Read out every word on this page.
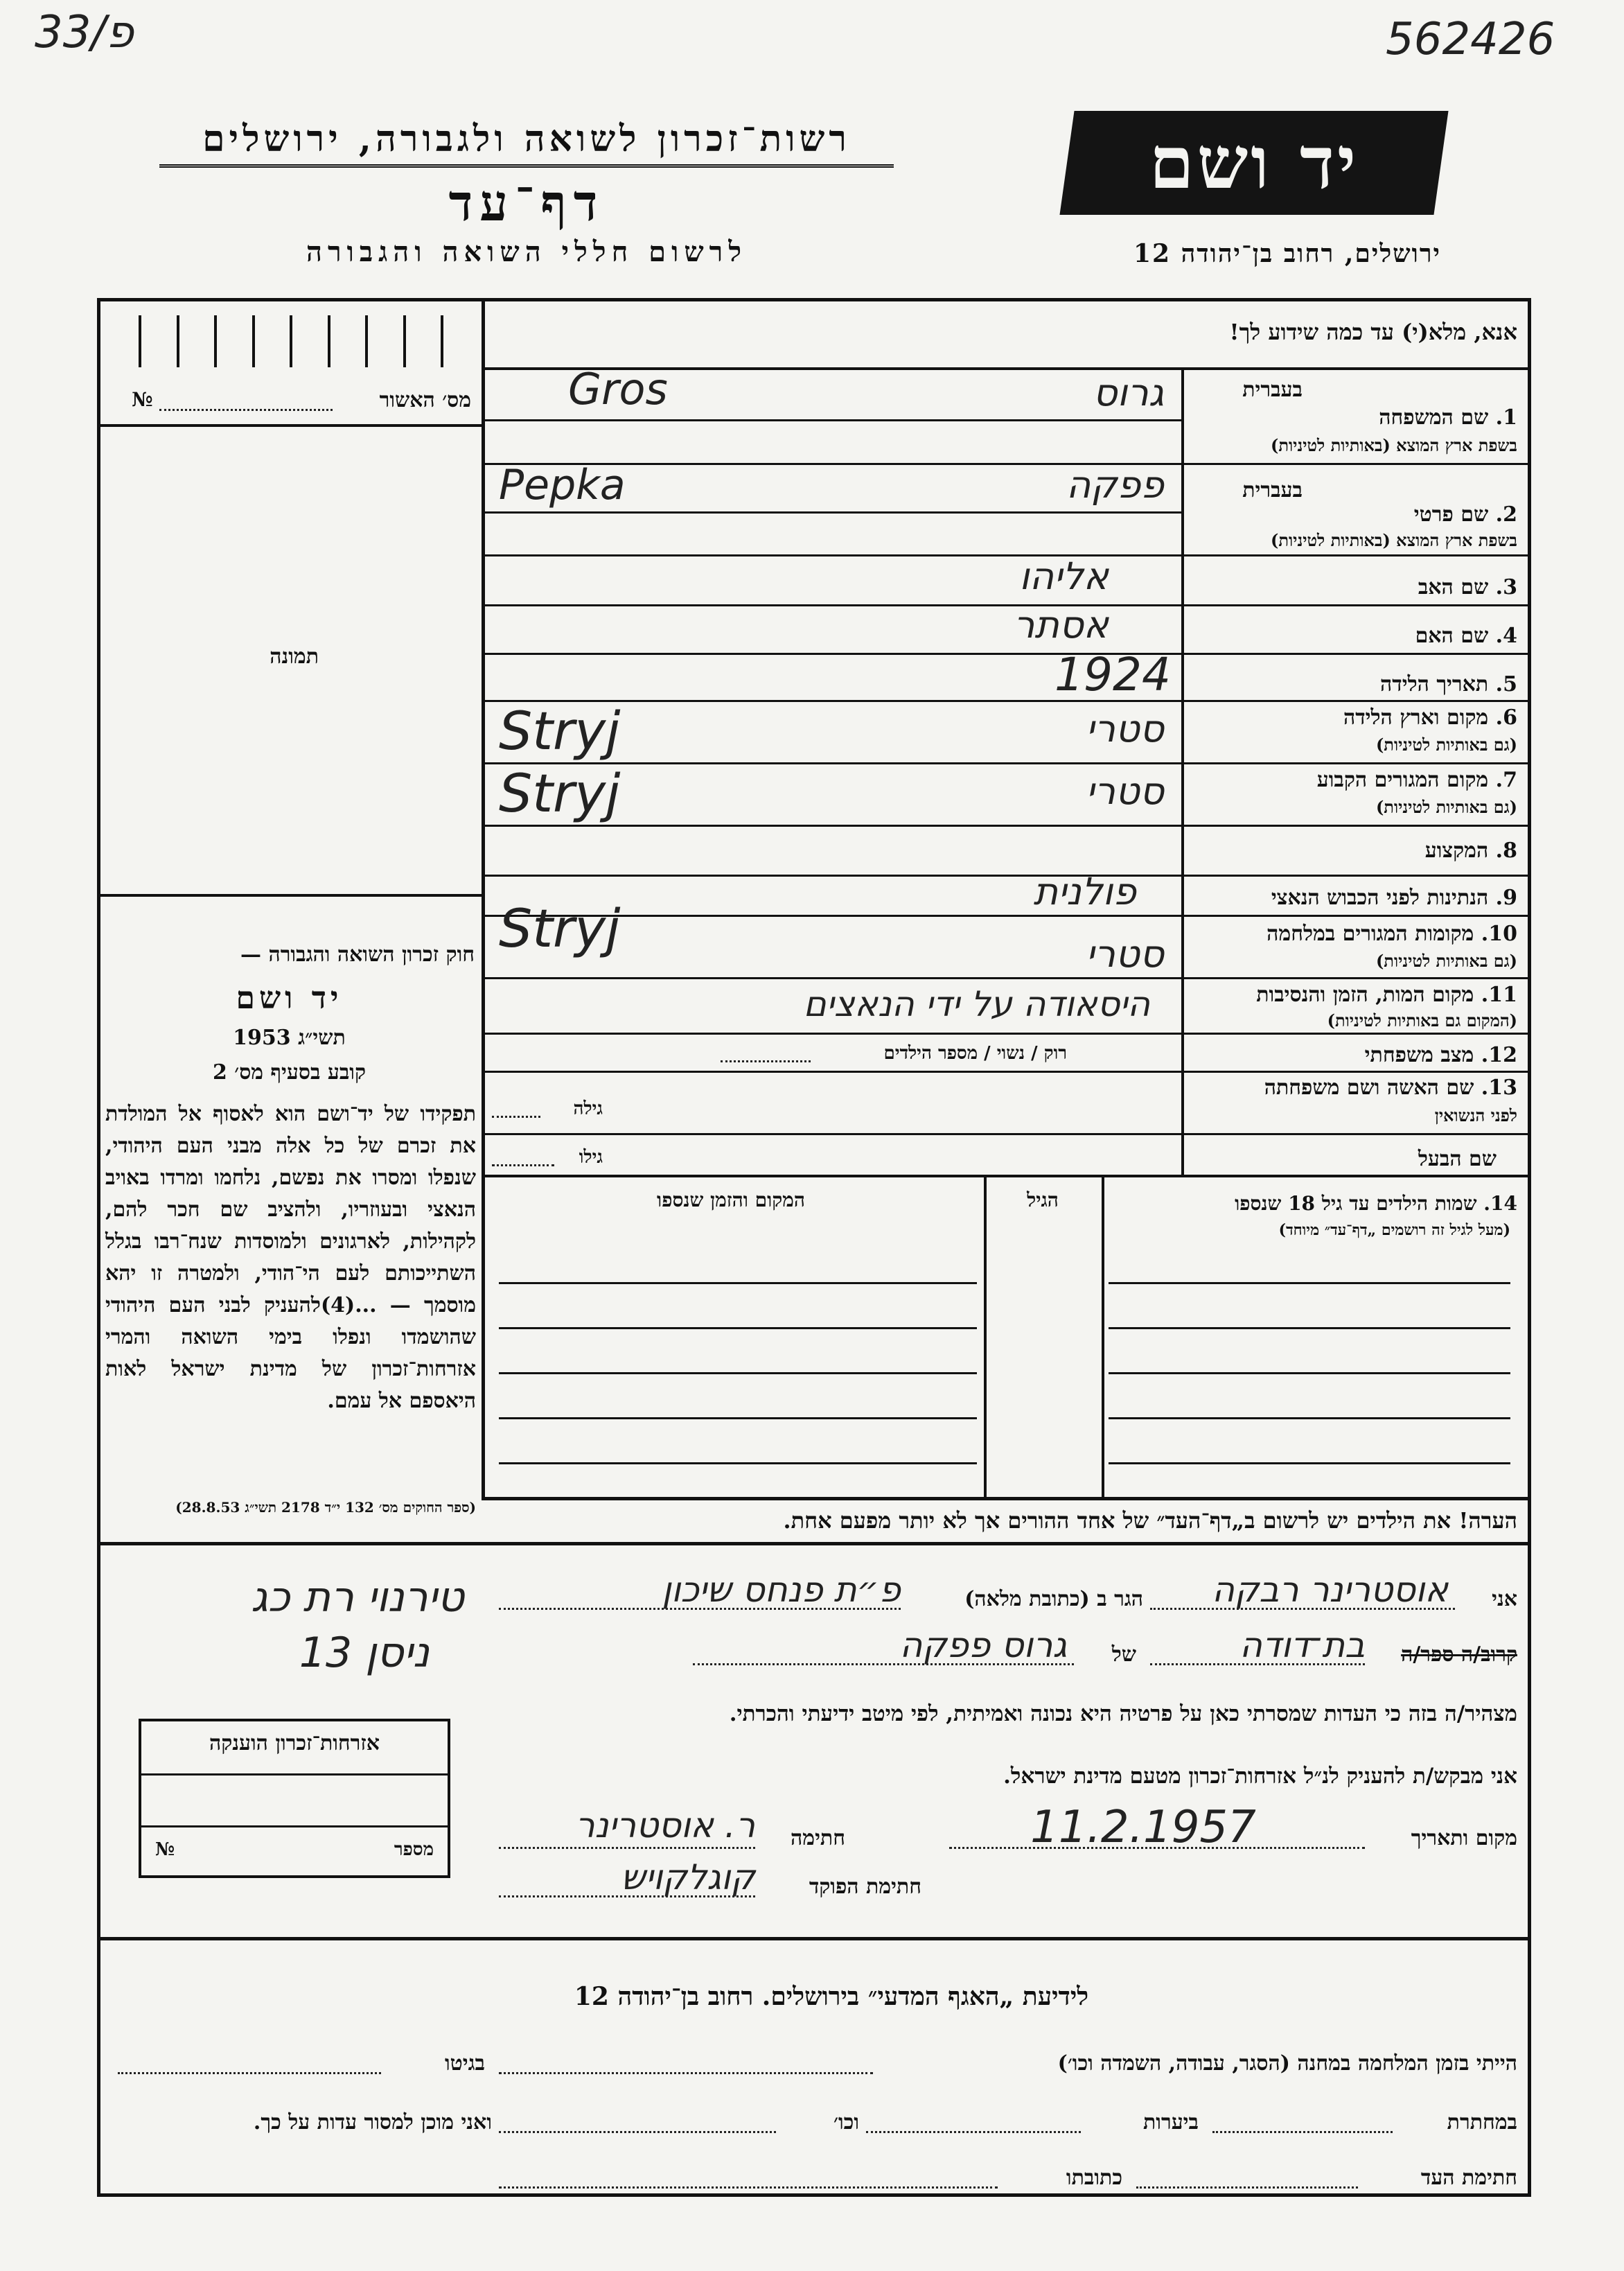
33/פ	562426
רשות־זכרון לשואה ולגבורה, ירושלים
דף־עד
לרשום חללי השואה והגבורה
יד ושם
ירושלים, רחוב בן־יהודה 12
אנא, מלא(י) עד כמה שידוע לך!
מס׳ האשור
№
תמונה
חוק זכרון השואה והגבורה —
יד ושם
תשי״ג 1953
קובע בסעיף מס׳ 2
תפקידו של יד־ושם הוא לאסוף אל המולדת את זכרם של כל אלה מבני העם היהודי, שנפלו ומסרו את נפשם, נלחמו ומרדו באויב הנאצי ובעוזריו, ולהציב שם חכר להם, לקהילות, לארגונים ולמוסדות שנח־רבו בגלל השתייכותם לעם הי־הודי, ולמטרה זו יהא מוסמך — ...(4)להעניק לבני העם היהודי שהושמדו ונפלו בימי השואה והמרי אזרחות־זכרון של מדינת ישראל לאות היאספם אל עמם.
(ספר החוקים מס׳ 132 י״ד 2178 תשי״ג 28.8.53)
בעברית
1. שם המשפחה
בשפת ארץ המוצא (באותיות לטיניות)
בעברית
2. שם פרטי
בשפת ארץ המוצא (באותיות לטיניות)
3. שם האב
4. שם האם
5. תאריך הלידה
6. מקום וארץ הלידה
(גם באותיות לטיניות)
7. מקום המגורים הקבוע
(גם באותיות לטיניות)
8. המקצוע
9. הנתינות לפני הכבוש הנאצי
10. מקומות המגורים במלחמה
(גם באותיות לטיניות)
11. מקום המות, הזמן והנסיבות
(המקום גם באותיות לטיניות)
12. מצב משפחתי
13. שם האשה ושם משפחתה
לפני הנשואין
שם הבעל
גרוס
Gros
פפקה
Pepka
אליהו
אסתר
1924
סטרי
Stryj
סטרי
Stryj
פולנית
סטרי
Stryj
היסאודה על ידי הנאצים
רוק / נשוי / מספר הילדים
גילה
גילו
14. שמות הילדים עד גיל 18 שנספו
(מעל לגיל זה רושמים „דף־עד״ מיוחד)
הגיל
המקום והזמן שנספו
הערה! את הילדים יש לרשום ב„דף־העד״ של אחד ההורים אך לא יותר מפעם אחת.
טירנוי רת כג
ניסן 13
אני
אוסטרינר רבקה
הגר ב (כתובת מלאה)
פ״ת פנחס שיכון
קרוב/ה ספר/ה
בת־דודה
של
גרוס פפקה
מצהיר/ה בזה כי העדות שמסרתי כאן על פרטיה היא נכונה ואמיתית, לפי מיטב ידיעתי והכרתי.
אני מבקש/ת להעניק לנ״ל אזרחות־זכרון מטעם מדינת ישראל.
מקום ותאריך
11.2.1957
חתימה
ר. אוסטרינר
חתימת הפוקד
קוגלקויש
אזרחות־זכרון הוענקה
מספר
№
לידיעת „האגף המדעי״ בירושלים. רחוב בן־יהודה 12
הייתי בזמן המלחמה במחנה (הסגר, עבודה, השמדה וכו׳)
בגיטו
במחתרת
ביערות
וכו׳
ואני מוכן למסור עדות על כך.
חתימת העד
כתובתו
